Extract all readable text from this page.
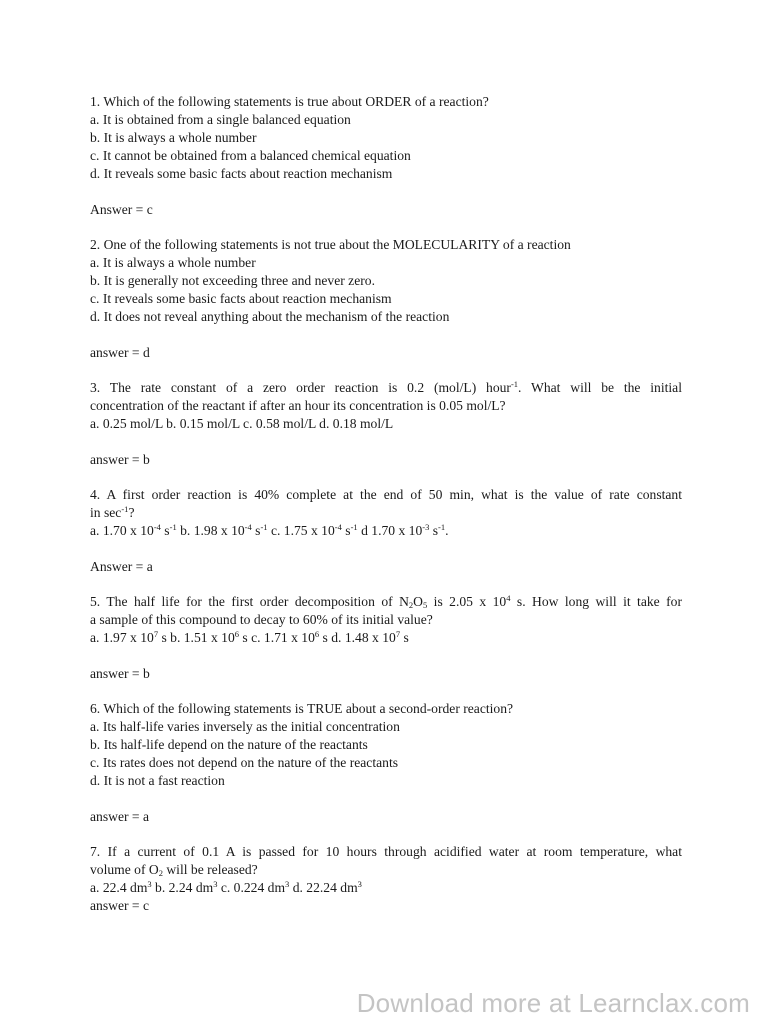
1. Which of the following statements is true about ORDER of a reaction?
a. It is obtained from a single balanced equation
b. It is always a whole number
c. It cannot be obtained from a balanced chemical equation
d. It reveals some basic facts about reaction mechanism
Answer = c
2. One of the following statements is not true about the MOLECULARITY of a reaction
a. It is always a whole number
b. It is generally not exceeding three and never zero.
c. It reveals some basic facts about reaction mechanism
d. It does not reveal anything about the mechanism of the reaction
answer = d
3. The rate constant of a zero order reaction is 0.2 (mol/L) hour$^{-1}$. What will be the initial
concentration of the reactant if after an hour its concentration is 0.05 mol/L?
a. 0.25 mol/L b. 0.15 mol/L c. 0.58 mol/L d. 0.18 mol/L
answer = b
4. A first order reaction is 40% complete at the end of 50 min, what is the value of rate constant
in $\sec^{-1}$?
a. 1.70 x $10^{-4}$ $s^{-1}$ b. 1.98 x $10^{-4}$ $s^{-1}$ c. 1.75 x $10^{-4}$ $s^{-1}$ d 1.70 x $10^{-3}$ $s^{-1}$.
Answer = a
5. The half life for the first order decomposition of $N_2O_5$ is 2.05 x $10^4$ s. How long will it take for
a sample of this compound to decay to 60% of its initial value?
a. 1.97 x $10^7$ s b. 1.51 x $10^6$ s c. 1.71 x $10^6$ s d. 1.48 x $10^7$ s
answer = b
6. Which of the following statements is TRUE about a second-order reaction?
a. Its half-life varies inversely as the initial concentration
b. Its half-life depend on the nature of the reactants
c. Its rates does not depend on the nature of the reactants
d. It is not a fast reaction
answer = a
7. If a current of 0.1 A is passed for 10 hours through acidified water at room temperature, what
volume of $O_2$ will be released?
a. 22.4 $dm^3$ b. 2.24 $dm^3$ c. 0.224 $dm^3$ d. 22.24 $dm^3$
answer = c
Download more at Learnclax.com
